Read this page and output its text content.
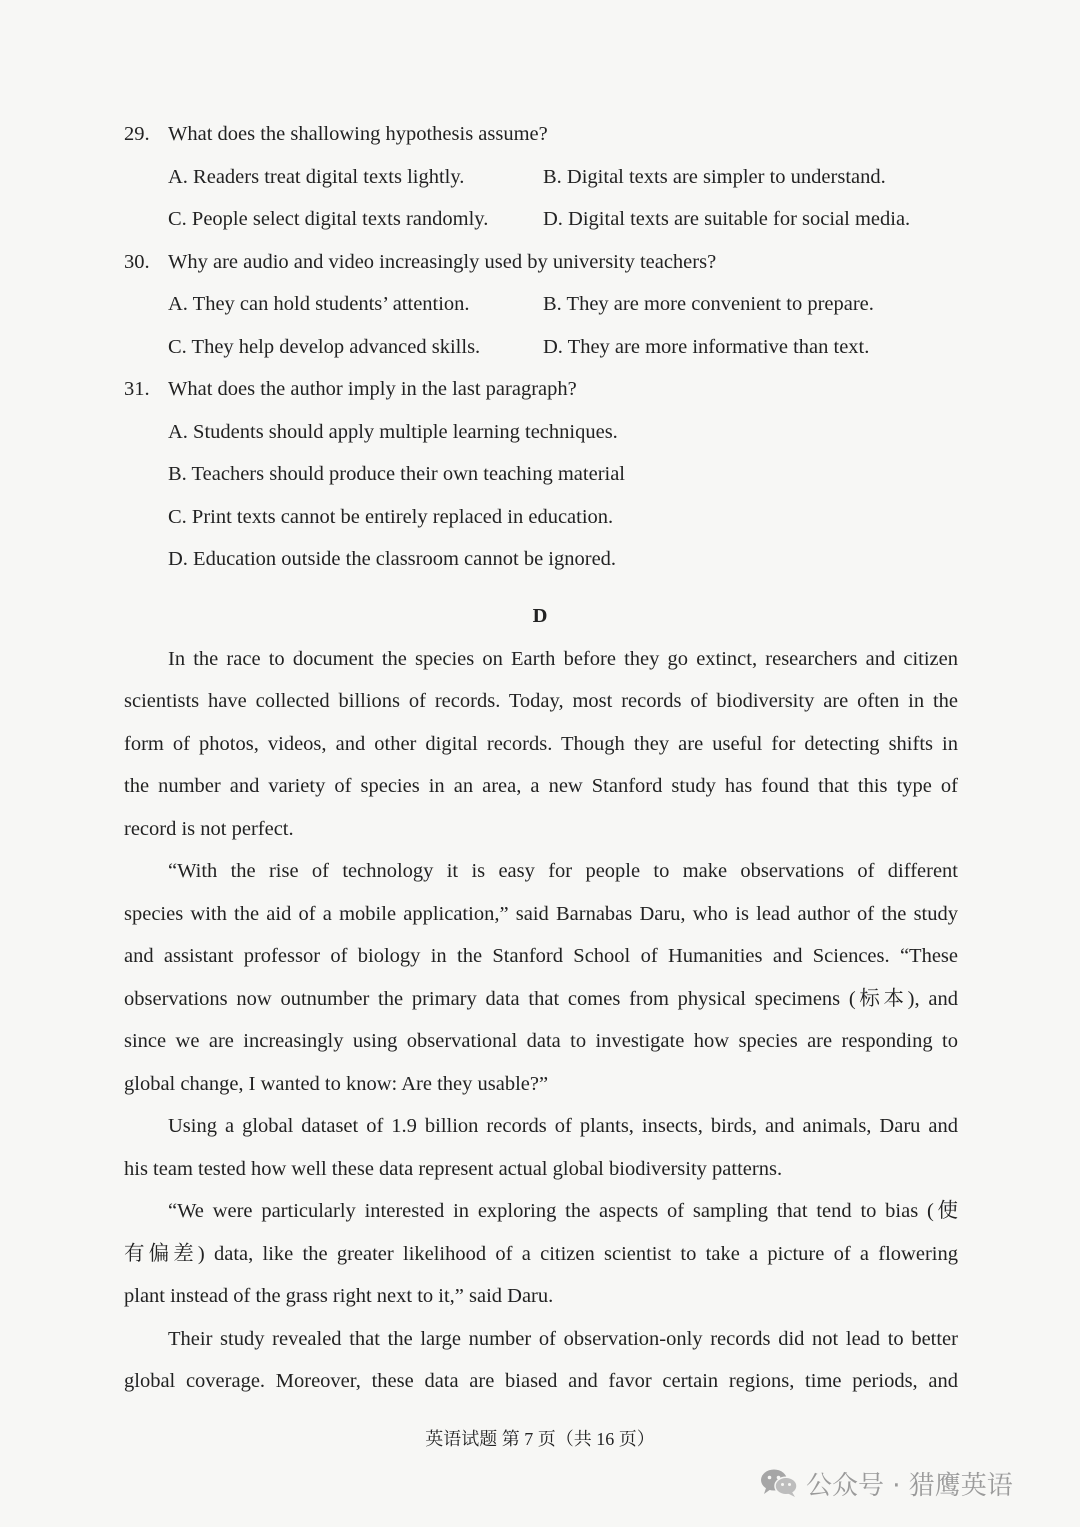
29. What does the shallowing hypothesis assume?
A. Readers treat digital texts lightly.	B. Digital texts are simpler to understand.
C. People select digital texts randomly.	D. Digital texts are suitable for social media.
30. Why are audio and video increasingly used by university teachers?
A. They can hold students’ attention.	B. They are more convenient to prepare.
C. They help develop advanced skills.	D. They are more informative than text.
31. What does the author imply in the last paragraph?
A. Students should apply multiple learning techniques.
B. Teachers should produce their own teaching material
C. Print texts cannot be entirely replaced in education.
D. Education outside the classroom cannot be ignored.
D
In the race to document the species on Earth before they go extinct, researchers and citizen
scientists have collected billions of records. Today, most records of biodiversity are often in the
form of photos, videos, and other digital records. Though they are useful for detecting shifts in
the number and variety of species in an area, a new Stanford study has found that this type of
record is not perfect.
“With the rise of technology it is easy for people to make observations of different
species with the aid of a mobile application,” said Barnabas Daru, who is lead author of the study
and assistant professor of biology in the Stanford School of Humanities and Sciences. “These
observations now outnumber the primary data that comes from physical specimens (标本), and
since we are increasingly using observational data to investigate how species are responding to
global change, I wanted to know: Are they usable?”
Using a global dataset of 1.9 billion records of plants, insects, birds, and animals, Daru and
his team tested how well these data represent actual global biodiversity patterns.
“We were particularly interested in exploring the aspects of sampling that tend to bias (使
有偏差) data, like the greater likelihood of a citizen scientist to take a picture of a flowering
plant instead of the grass right next to it,” said Daru.
Their study revealed that the large number of observation-only records did not lead to better
global coverage. Moreover, these data are biased and favor certain regions, time periods, and
英语试题 第 7 页（共 16 页）
公众号 · 猎鹰英语
